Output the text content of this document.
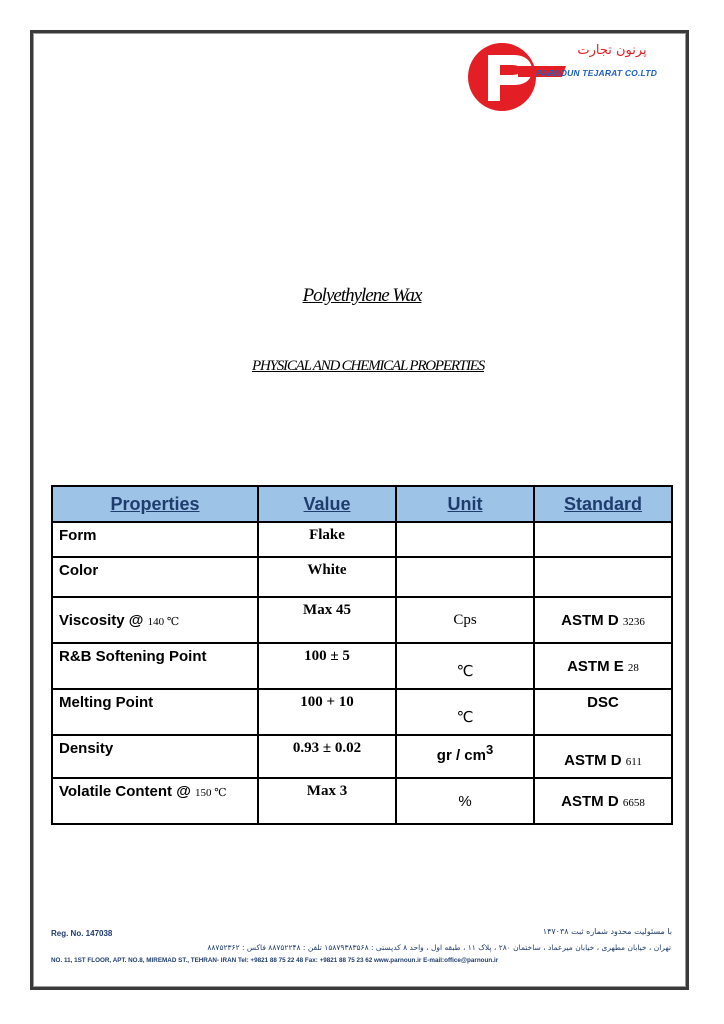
پرنون تجارت
PARNOUN TEJARAT CO.LTD
Polyethylene Wax
PHYSICAL AND CHEMICAL PROPERTIES
Properties	Value	Unit	Standard
Form	Flake		
Color	White		
Viscosity @ 140 ℃	Max 45	Cps	ASTM D 3236
R&B Softening Point	100 ± 5	℃	ASTM E 28
Melting Point	100 + 10	℃	DSC
Density	0.93 ± 0.02	gr / cm3	ASTM D 611
Volatile Content @ 150 ℃	Max 3	%	ASTM D 6658
Reg. No. 147038	با مسئولیت محدود شماره ثبت ۱۴۷۰۳۸
تهران ، خیابان مطهری ، خیابان میرعماد ، ساختمان ۲۸۰ ، پلاک ۱۱ ، طبقه اول ، واحد ۸ کدپستی : ۱۵۸۷۹۳۸۳۵۶۸ تلفن : ۸۸۷۵۲۲۴۸ فاکس : ۸۸۷۵۲۳۶۲
NO. 11, 1ST FLOOR, APT. NO.8, MIREMAD ST., TEHRAN- IRAN Tel: +9821 88 75 22 48 Fax: +9821 88 75 23 62 www.parnoun.ir E-mail:office@parnoun.ir
